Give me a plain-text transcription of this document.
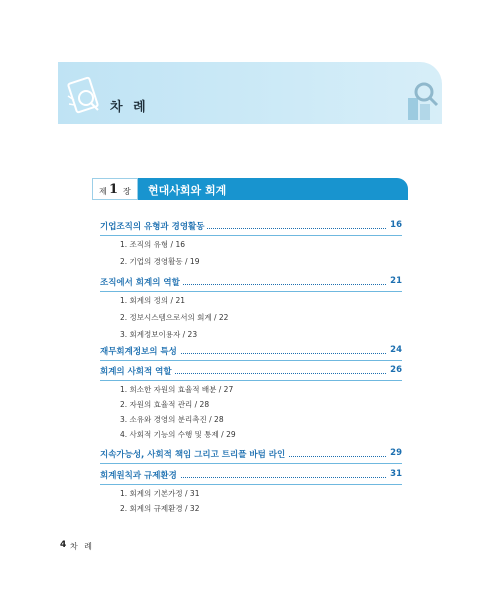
차 례
제 1 장 현대사회와 회계
기업조직의 유형과 경영활동	16
1. 조직의 유형 / 16
2. 기업의 경영활동 / 19
조직에서 회계의 역할	21
1. 회계의 정의 / 21
2. 정보시스템으로서의 회계 / 22
3. 회계정보이용자 / 23
재무회계정보의 특성	24
회계의 사회적 역할	26
1. 희소한 자원의 효율적 배분 / 27
2. 자원의 효율적 관리 / 28
3. 소유와 경영의 분리촉진 / 28
4. 사회적 기능의 수행 및 통제 / 29
지속가능성, 사회적 책임 그리고 트리플 바텀 라인	29
회계원칙과 규제환경	31
1. 회계의 기본가정 / 31
2. 회계의 규제환경 / 32
4 차 례
